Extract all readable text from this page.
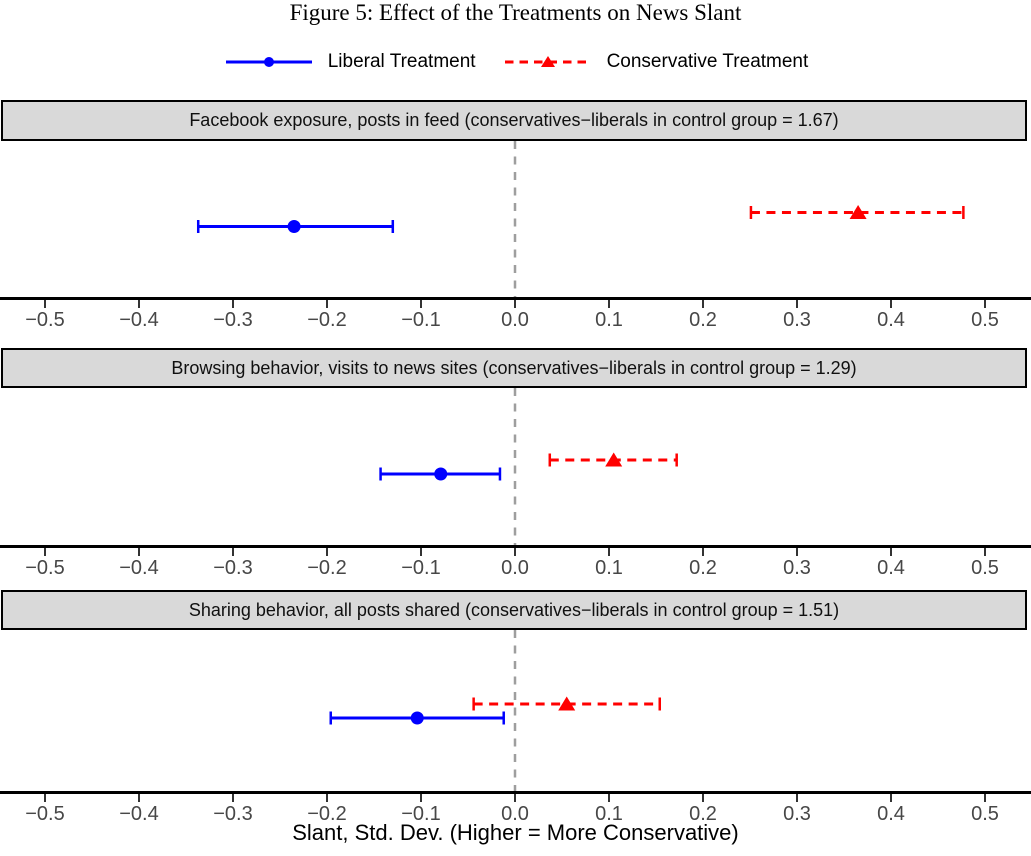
Figure 5: Effect of the Treatments on News Slant
Liberal Treatment	Conservative Treatment
Facebook exposure, posts in feed (conservatives−liberals in control group = 1.67)
−0.5	−0.4	−0.3	−0.2	−0.1	0.0	0.1	0.2	0.3	0.4	0.5
Browsing behavior, visits to news sites (conservatives−liberals in control group = 1.29)
−0.5	−0.4	−0.3	−0.2	−0.1	0.0	0.1	0.2	0.3	0.4	0.5
Sharing behavior, all posts shared (conservatives−liberals in control group = 1.51)
−0.5	−0.4	−0.3	−0.2	−0.1	0.0	0.1	0.2	0.3	0.4	0.5
Slant, Std. Dev. (Higher = More Conservative)
